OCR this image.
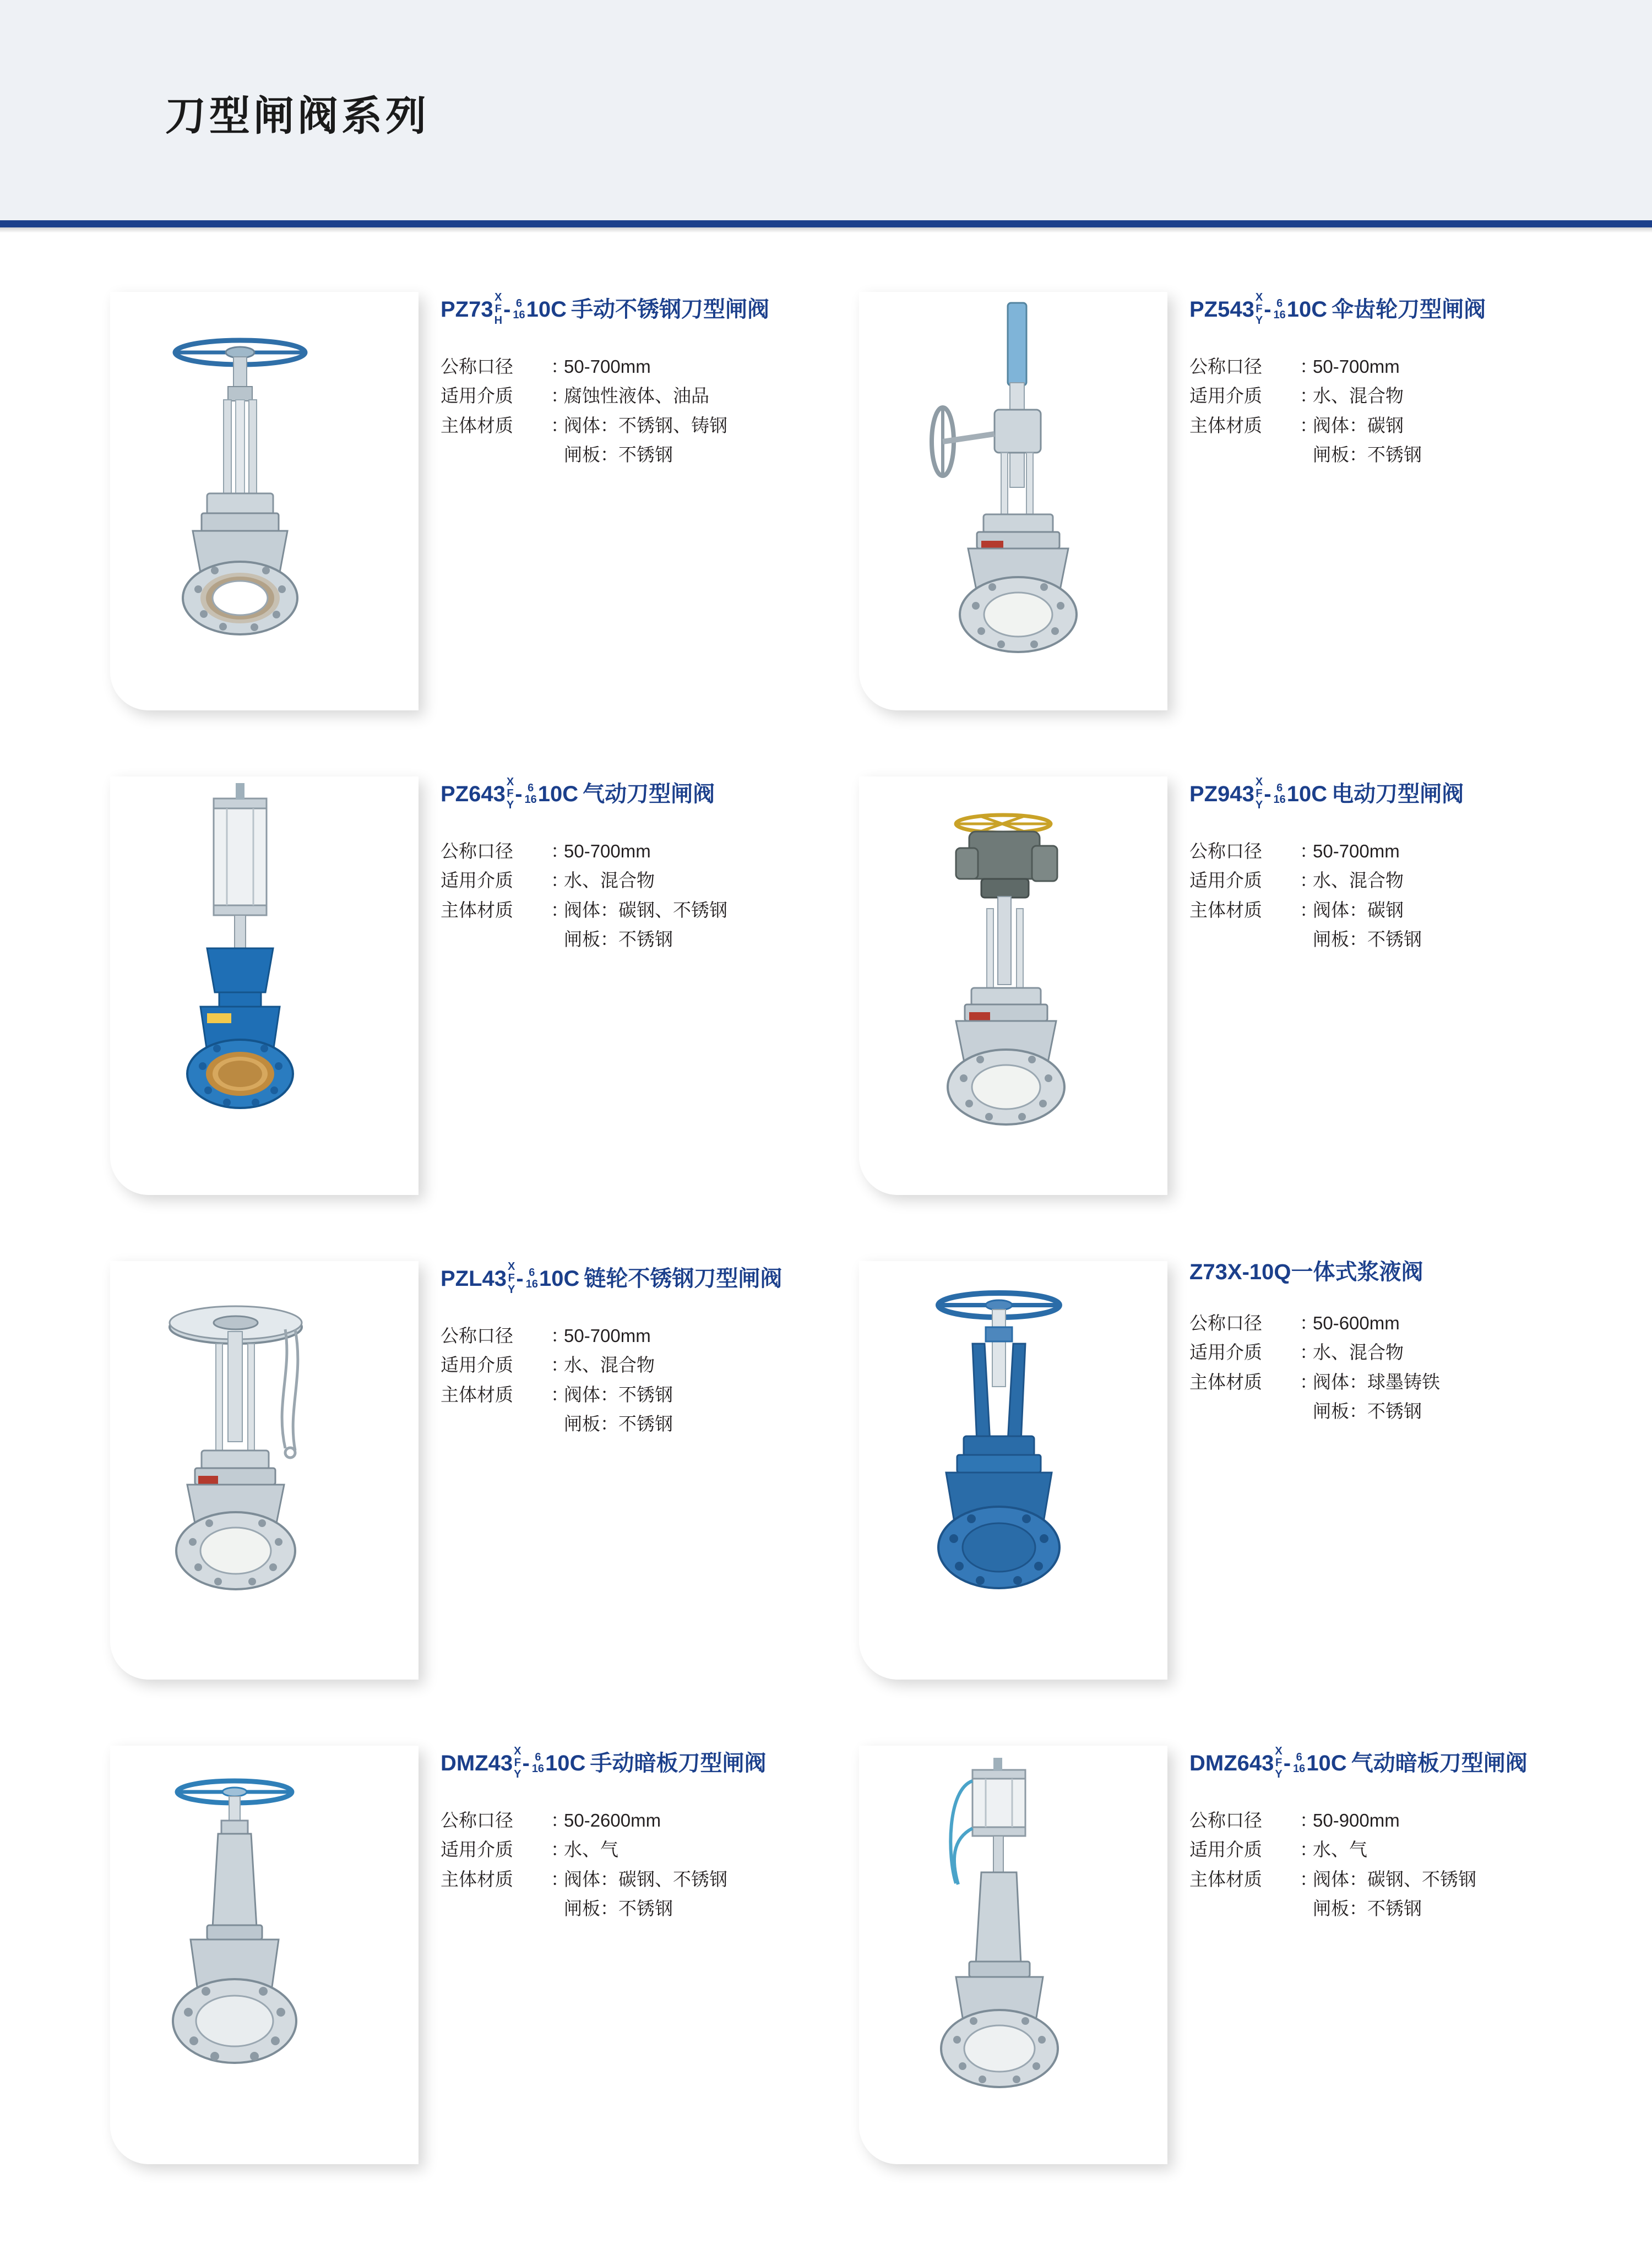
刀型闸阀系列
PZ73 X
F
H - 6
16 10 C 手动不锈钢刀型闸阀
公称口径	：
50-700mm
适用介质	：
腐蚀性液体、油品
主体材质	：
阀体：不锈钢、铸钢
闸板：不锈钢
PZ543 X
F
Y - 6
16 10 C 伞齿轮刀型闸阀
公称口径	：
50-700mm
适用介质	：
水、混合物
主体材质	：
阀体：碳钢
闸板：不锈钢
PZ643 X
F
Y - 6
16 10 C 气动刀型闸阀
公称口径	：
50-700mm
适用介质	：
水、混合物
主体材质	：
阀体：碳钢、不锈钢
闸板：不锈钢
PZ943 X
F
Y - 6
16 10 C 电动刀型闸阀
公称口径	：
50-700mm
适用介质	：
水、混合物
主体材质	：
阀体：碳钢
闸板：不锈钢
PZL43 X
F
Y - 6
16 10 C 链轮不锈钢刀型闸阀
公称口径	：
50-700mm
适用介质	：
水、混合物
主体材质	：
阀体：不锈钢
闸板：不锈钢
Z73X-10Q 一体式浆液阀
公称口径	：
50-600mm
适用介质	：
水、混合物
主体材质	：
阀体：球墨铸铁
闸板：不锈钢
DMZ43 X
F
Y - 6
16 10 C 手动暗板刀型闸阀
公称口径	：
50-2600mm
适用介质	：
水、气
主体材质	：
阀体：碳钢、不锈钢
闸板：不锈钢
DMZ643 X
F
Y - 6
16 10 C 气动暗板刀型闸阀
公称口径	：
50-900mm
适用介质	：
水、气
主体材质	：
阀体：碳钢、不锈钢
闸板：不锈钢
